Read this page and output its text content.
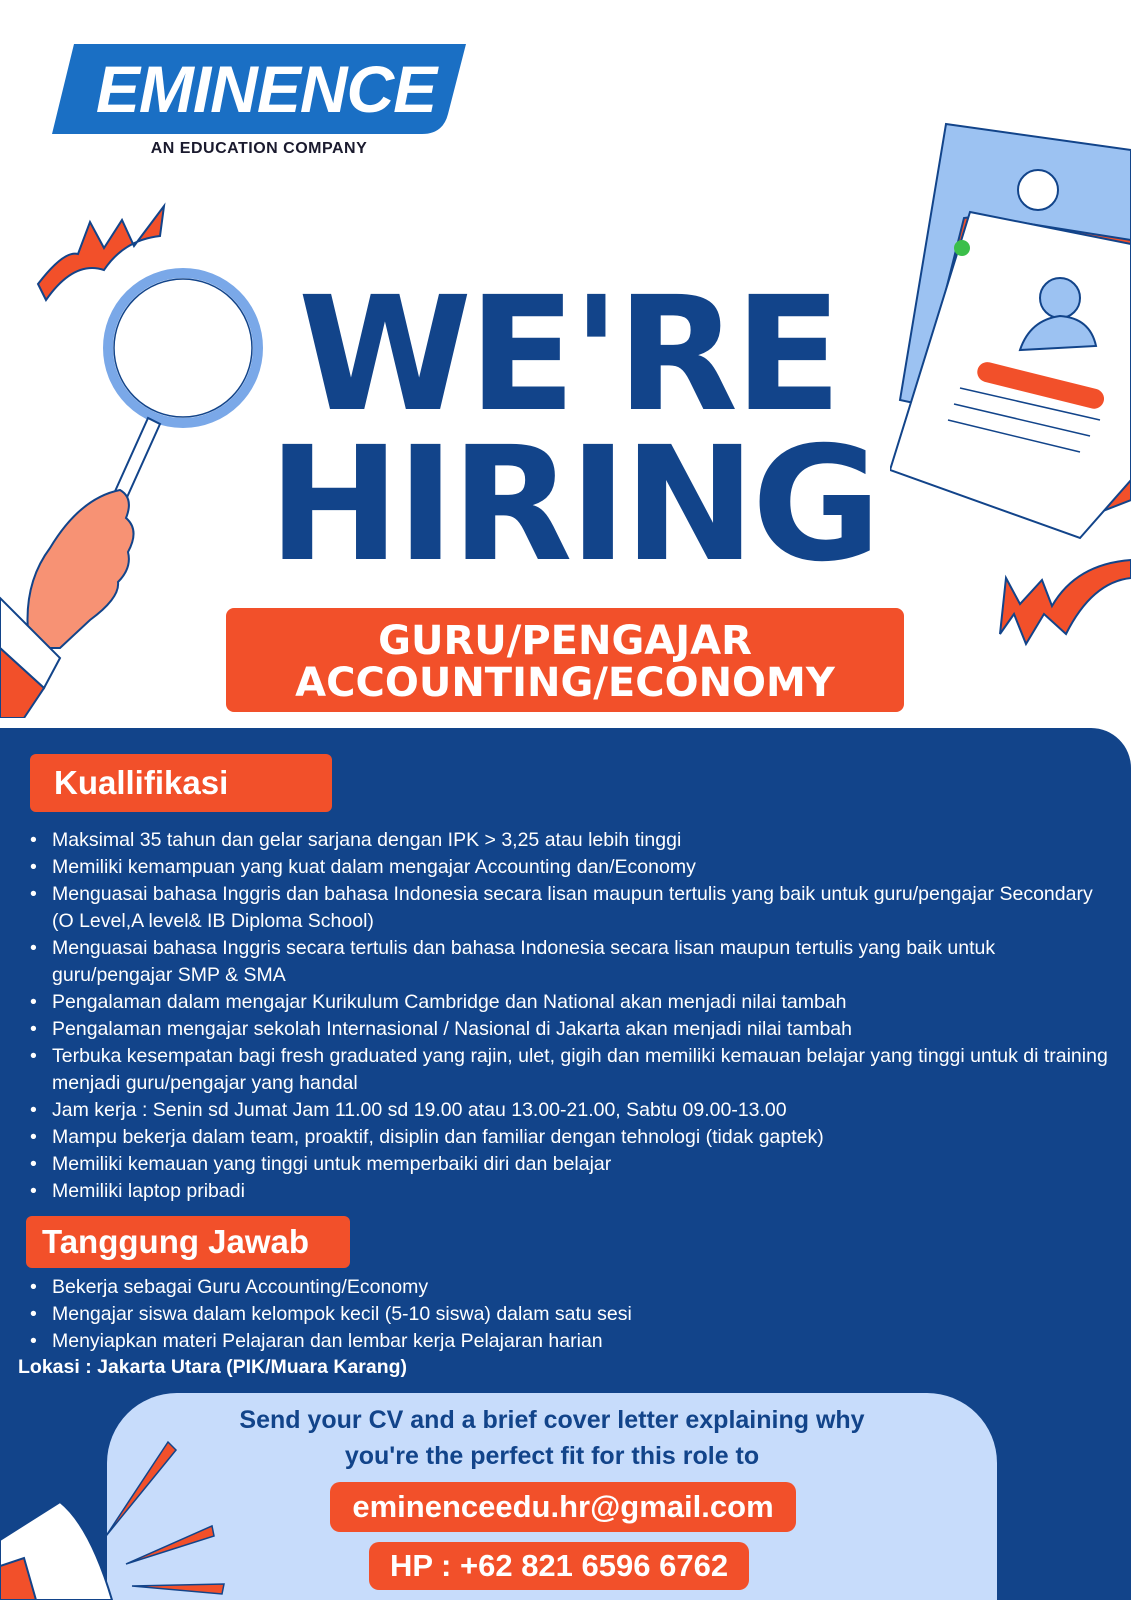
EMINENCE
AN EDUCATION COMPANY
WE'RE
HIRING
GURU/PENGAJAR
ACCOUNTING/ECONOMY
Kuallifikasi
• Maksimal 35 tahun dan gelar sarjana dengan IPK > 3,25 atau lebih tinggi
• Memiliki kemampuan yang kuat dalam mengajar Accounting dan/Economy
• Menguasai bahasa Inggris dan bahasa Indonesia secara lisan maupun tertulis yang baik untuk guru/pengajar Secondary (O Level,A level& IB Diploma School)
• Menguasai bahasa Inggris secara tertulis dan bahasa Indonesia secara lisan maupun tertulis yang baik untuk guru/pengajar SMP & SMA
• Pengalaman dalam mengajar Kurikulum Cambridge dan National akan menjadi nilai tambah
• Pengalaman mengajar sekolah Internasional / Nasional di Jakarta akan menjadi nilai tambah
• Terbuka kesempatan bagi fresh graduated yang rajin, ulet, gigih dan memiliki kemauan belajar yang tinggi untuk di training menjadi guru/pengajar yang handal
• Jam kerja : Senin sd Jumat Jam 11.00 sd 19.00 atau 13.00-21.00, Sabtu 09.00-13.00
• Mampu bekerja dalam team, proaktif, disiplin dan familiar dengan tehnologi (tidak gaptek)
• Memiliki kemauan yang tinggi untuk memperbaiki diri dan belajar
• Memiliki laptop pribadi
Tanggung Jawab
• Bekerja sebagai Guru Accounting/Economy
• Mengajar siswa dalam kelompok kecil (5-10 siswa) dalam satu sesi
• Menyiapkan materi Pelajaran dan lembar kerja Pelajaran harian
Lokasi : Jakarta Utara (PIK/Muara Karang)
Send your CV and a brief cover letter explaining why
you're the perfect fit for this role to
eminenceedu.hr@gmail.com
HP : +62 821 6596 6762
